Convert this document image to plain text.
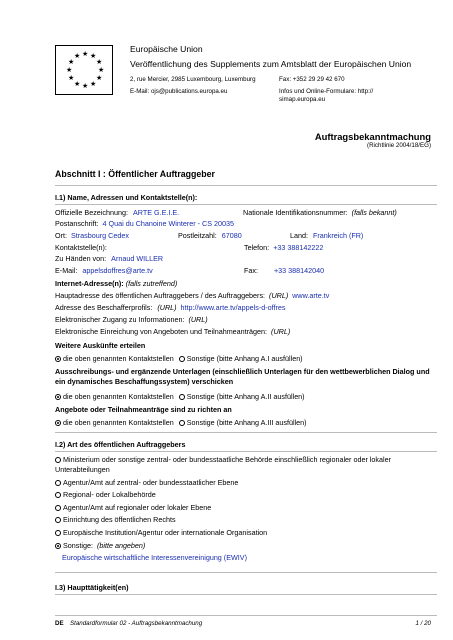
★ ★
★
★
★
★
★
★
★
★
★
★
Europäische Union
Veröffentlichung des Supplements zum Amtsblatt der Europäischen Union
2, rue Mercier, 2985 Luxembourg, Luxemburg	Fax: +352 29 29 42 670
E-Mail: ojs@publications.europa.eu	Infos und Online-Formulare: http://
simap.europa.eu
Auftragsbekanntmachung
(Richtlinie 2004/18/EG)
Abschnitt I : Öffentlicher Auftraggeber
I.1) Name, Adressen und Kontaktstelle(n):
Offizielle Bezeichnung: ARTE G.E.I.E.	Nationale Identifikationsnummer: (falls bekannt)
Postanschrift: 4 Quai du Chanoine Winterer - CS 20035
Ort: Strasbourg Cedex	Postleitzahl: 67080	Land: Frankreich (FR)
Kontaktstelle(n):	Telefon: +33 388142222
Zu Händen von: Arnaud WILLER
E-Mail: appelsdoffres@arte.tv	Fax: +33 388142040
Internet-Adresse(n): (falls zutreffend)
Hauptadresse des öffentlichen Auftraggebers / des Auftraggebers: (URL) www.arte.tv
Adresse des Beschafferprofils: (URL) http://www.arte.tv/appels-d-offres
Elektronischer Zugang zu Informationen: (URL)
Elektronische Einreichung von Angeboten und Teilnahmeanträgen: (URL)
Weitere Auskünfte erteilen
die oben genannten Kontaktstellen Sonstige (bitte Anhang A.I ausfüllen)
Ausschreibungs- und ergänzende Unterlagen (einschließlich Unterlagen für den wettbewerblichen Dialog und ein dynamisches Beschaffungssystem) verschicken
die oben genannten Kontaktstellen Sonstige (bitte Anhang A.II ausfüllen)
Angebote oder Teilnahmeanträge sind zu richten an
die oben genannten Kontaktstellen Sonstige (bitte Anhang A.III ausfüllen)
I.2) Art des öffentlichen Auftraggebers
Ministerium oder sonstige zentral- oder bundesstaatliche Behörde einschließlich regionaler oder lokaler
Unterabteilungen
Agentur/Amt auf zentral- oder bundesstaatlicher Ebene
Regional- oder Lokalbehörde
Agentur/Amt auf regionaler oder lokaler Ebene
Einrichtung des öffentlichen Rechts
Europäische Institution/Agentur oder internationale Organisation
Sonstige: (bitte angeben)
Europäische wirtschaftliche Interessenvereinigung (EWIV)
I.3) Haupttätigkeit(en)
DE Standardformular 02 - Auftragsbekanntmachung	1 / 20
